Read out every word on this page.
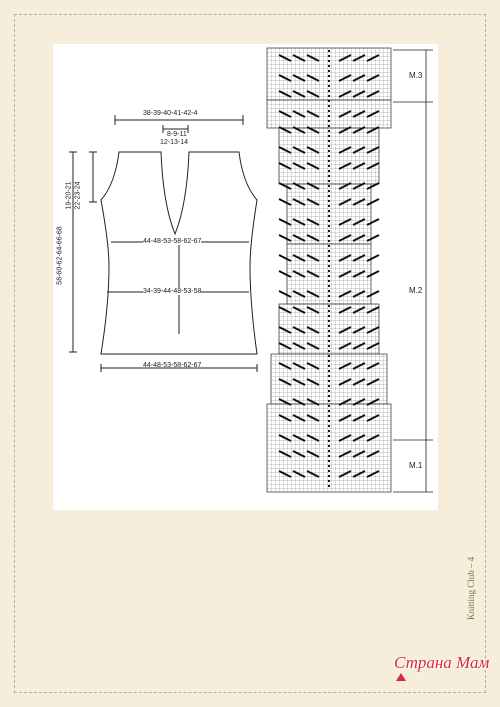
38-39-40-41-42-4
8-9-11
12-13-14
19-20-21 22-23-24
58-60-62-64-66-68	44-48-53-58-62-67
34-39-44-48-53-58
44-48-53-58-62-67
M.3
M.2
M.1
Knitting Club – 4
Страна Мам
